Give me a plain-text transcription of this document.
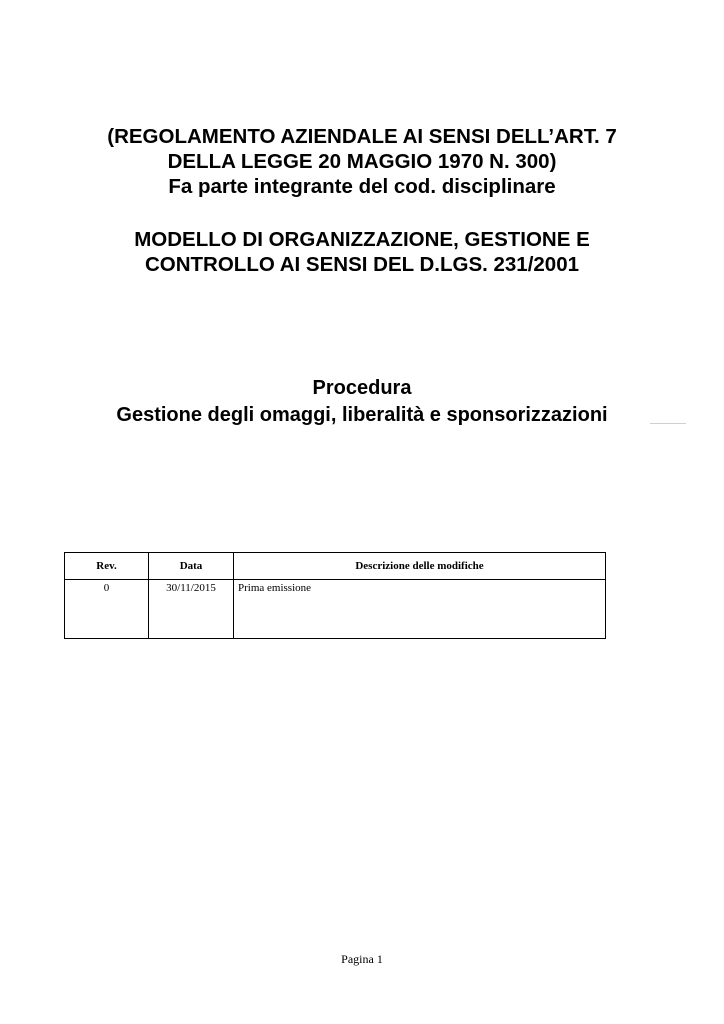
(REGOLAMENTO AZIENDALE AI SENSI DELL’ART. 7
DELLA LEGGE 20 MAGGIO 1970 N. 300)
Fa parte integrante del cod. disciplinare
MODELLO DI ORGANIZZAZIONE, GESTIONE E
CONTROLLO AI SENSI DEL D.LGS. 231/2001
Procedura
Gestione degli omaggi, liberalità e sponsorizzazioni
Rev.	Data	Descrizione delle modifiche
0	30/11/2015	Prima emissione
Pagina 1
